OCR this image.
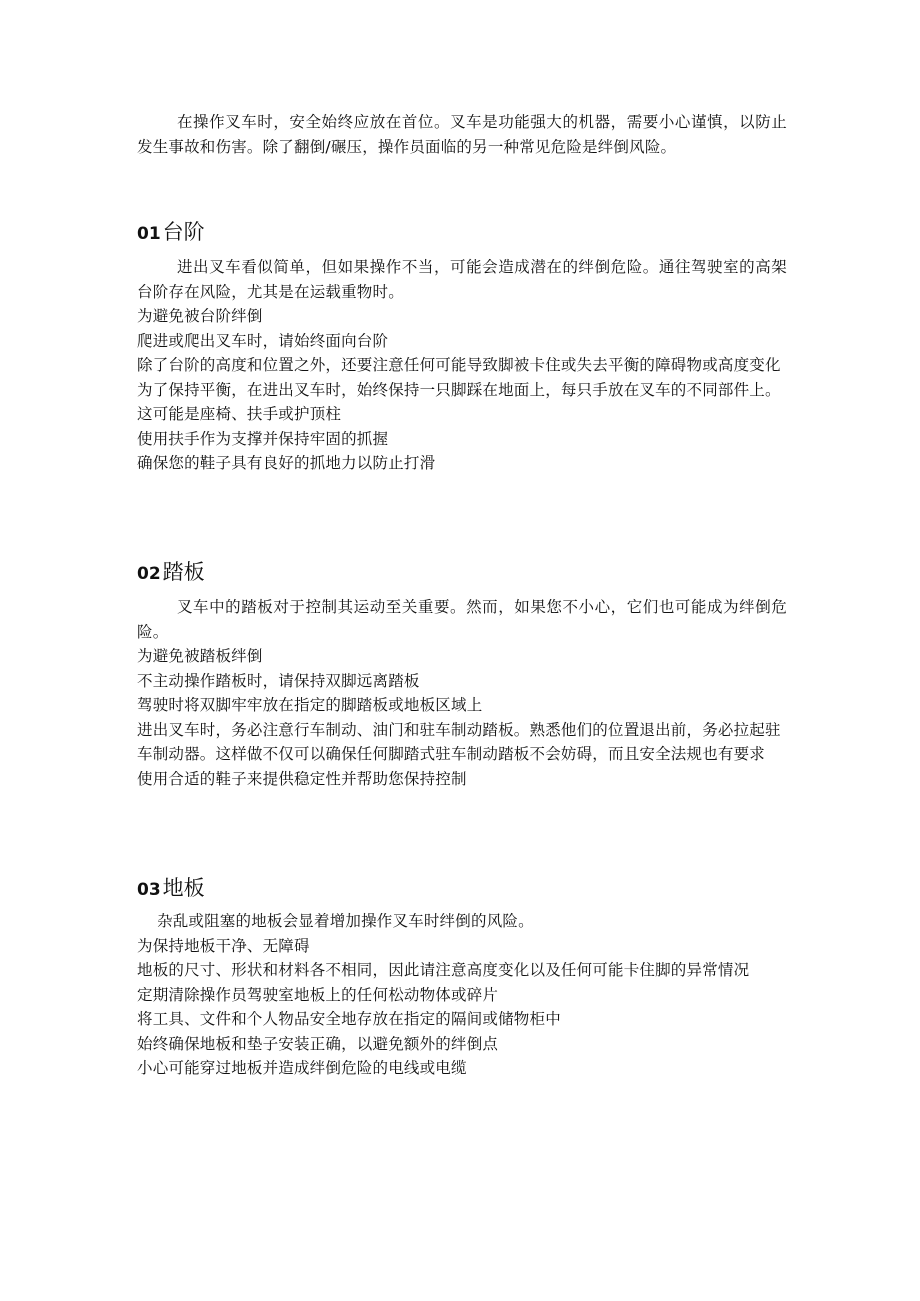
在操作叉车时，安全始终应放在首位。叉车是功能强大的机器，需要小心谨慎，以防止发生事故和伤害。除了翻倒/碾压，操作员面临的另一种常见危险是绊倒风险。

01台阶

进出叉车看似简单，但如果操作不当，可能会造成潜在的绊倒危险。通往驾驶室的高架台阶存在风险，尤其是在运载重物时。

为避免被台阶绊倒

爬进或爬出叉车时，请始终面向台阶

除了台阶的高度和位置之外，还要注意任何可能导致脚被卡住或失去平衡的障碍物或高度变化

为了保持平衡，在进出叉车时，始终保持一只脚踩在地面上，每只手放在叉车的不同部件上。这可能是座椅、扶手或护顶柱

使用扶手作为支撑并保持牢固的抓握

确保您的鞋子具有良好的抓地力以防止打滑

02踏板

叉车中的踏板对于控制其运动至关重要。然而，如果您不小心，它们也可能成为绊倒危险。

为避免被踏板绊倒

不主动操作踏板时，请保持双脚远离踏板

驾驶时将双脚牢牢放在指定的脚踏板或地板区域上

进出叉车时，务必注意行车制动、油门和驻车制动踏板。熟悉他们的位置退出前，务必拉起驻车制动器。这样做不仅可以确保任何脚踏式驻车制动踏板不会妨碍，而且安全法规也有要求

使用合适的鞋子来提供稳定性并帮助您保持控制

03地板

杂乱或阻塞的地板会显着增加操作叉车时绊倒的风险。

为保持地板干净、无障碍

地板的尺寸、形状和材料各不相同，因此请注意高度变化以及任何可能卡住脚的异常情况

定期清除操作员驾驶室地板上的任何松动物体或碎片

将工具、文件和个人物品安全地存放在指定的隔间或储物柜中

始终确保地板和垫子安装正确，以避免额外的绊倒点

小心可能穿过地板并造成绊倒危险的电线或电缆
